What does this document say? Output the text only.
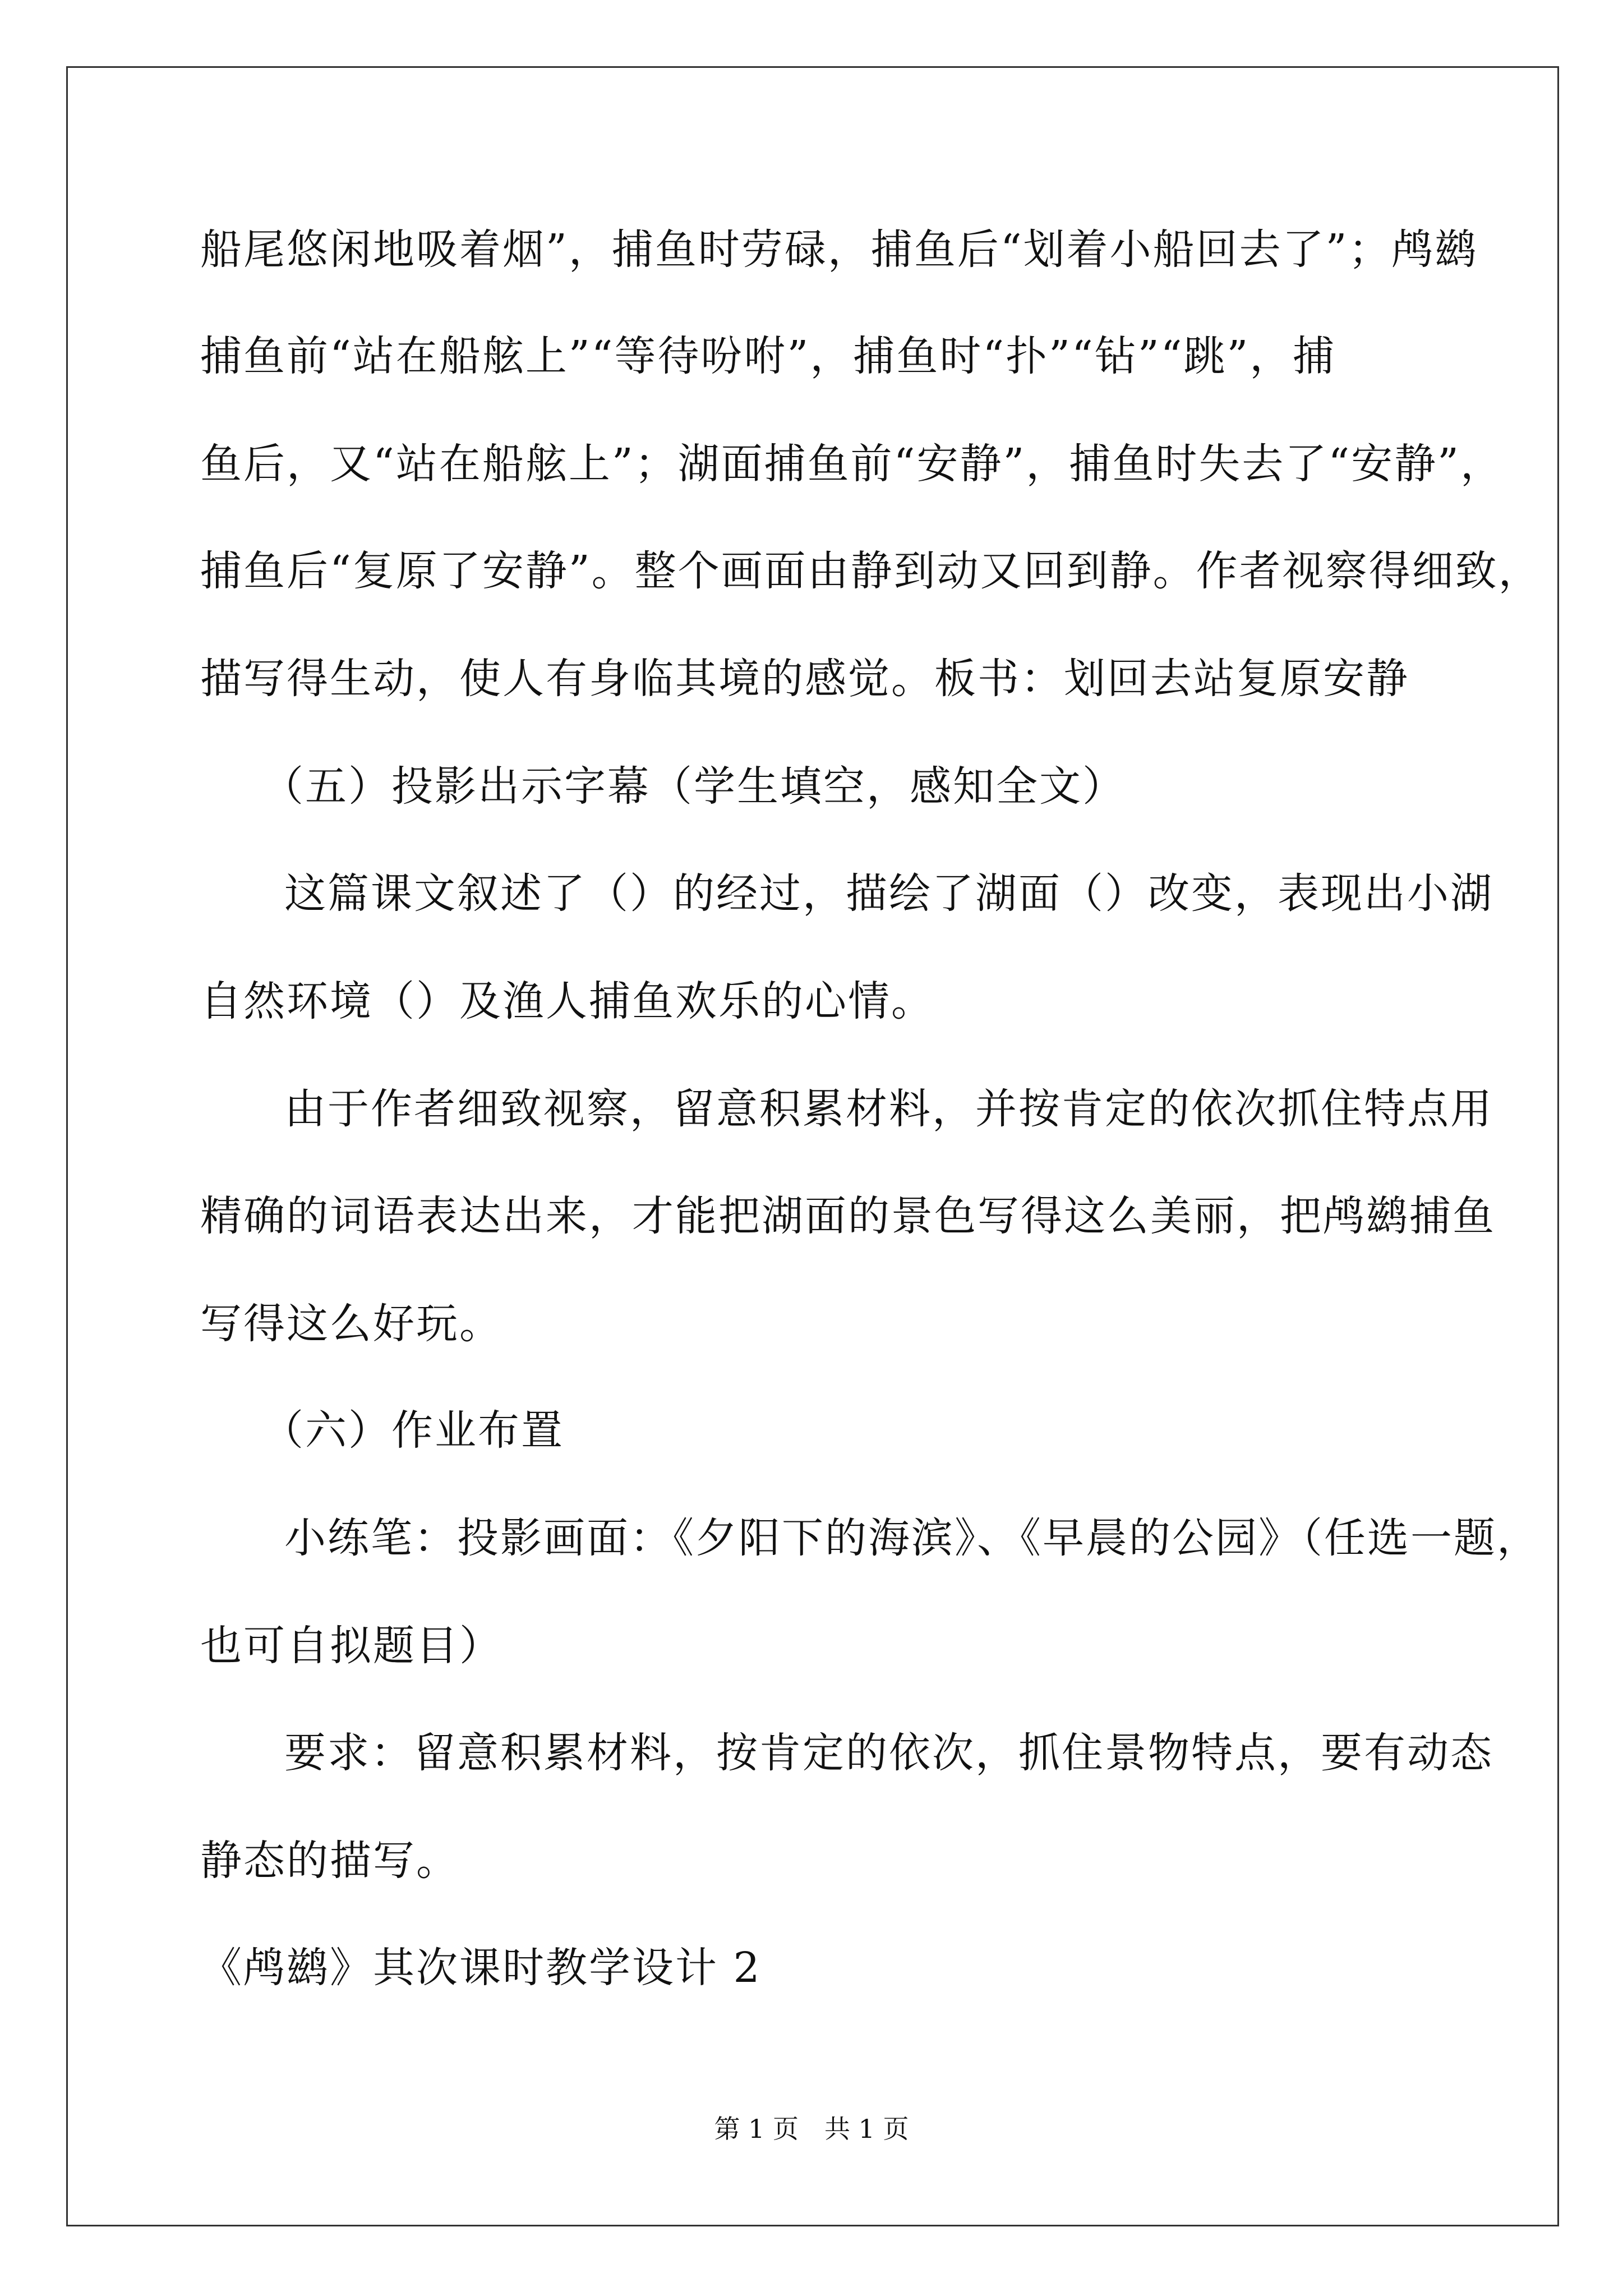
船尾悠闲地吸着烟”，捕鱼时劳碌，捕鱼后“划着小船回去了”；鸬鹚
捕鱼前“站在船舷上”“等待吩咐”，捕鱼时“扑”“钻”“跳”，捕
鱼后，又“站在船舷上”；湖面捕鱼前“安静”，捕鱼时失去了“安静”，
捕鱼后“复原了安静”。整个画面由静到动又回到静。作者视察得细致，
描写得生动，使人有身临其境的感觉。板书：划回去站复原安静
（五）投影出示字幕（学生填空，感知全文）
这篇课文叙述了（）的经过，描绘了湖面（）改变，表现出小湖
自然环境（）及渔人捕鱼欢乐的心情。
由于作者细致视察，留意积累材料，并按肯定的依次抓住特点用
精确的词语表达出来，才能把湖面的景色写得这么美丽，把鸬鹚捕鱼
写得这么好玩。
（六）作业布置
小练笔：投影画面：《夕阳下的海滨》、《早晨的公园》（任选一题，
也可自拟题目）
要求：留意积累材料，按肯定的依次，抓住景物特点，要有动态
静态的描写。
《鸬鹚》其次课时教学设计 2
第 1 页　共 1 页
